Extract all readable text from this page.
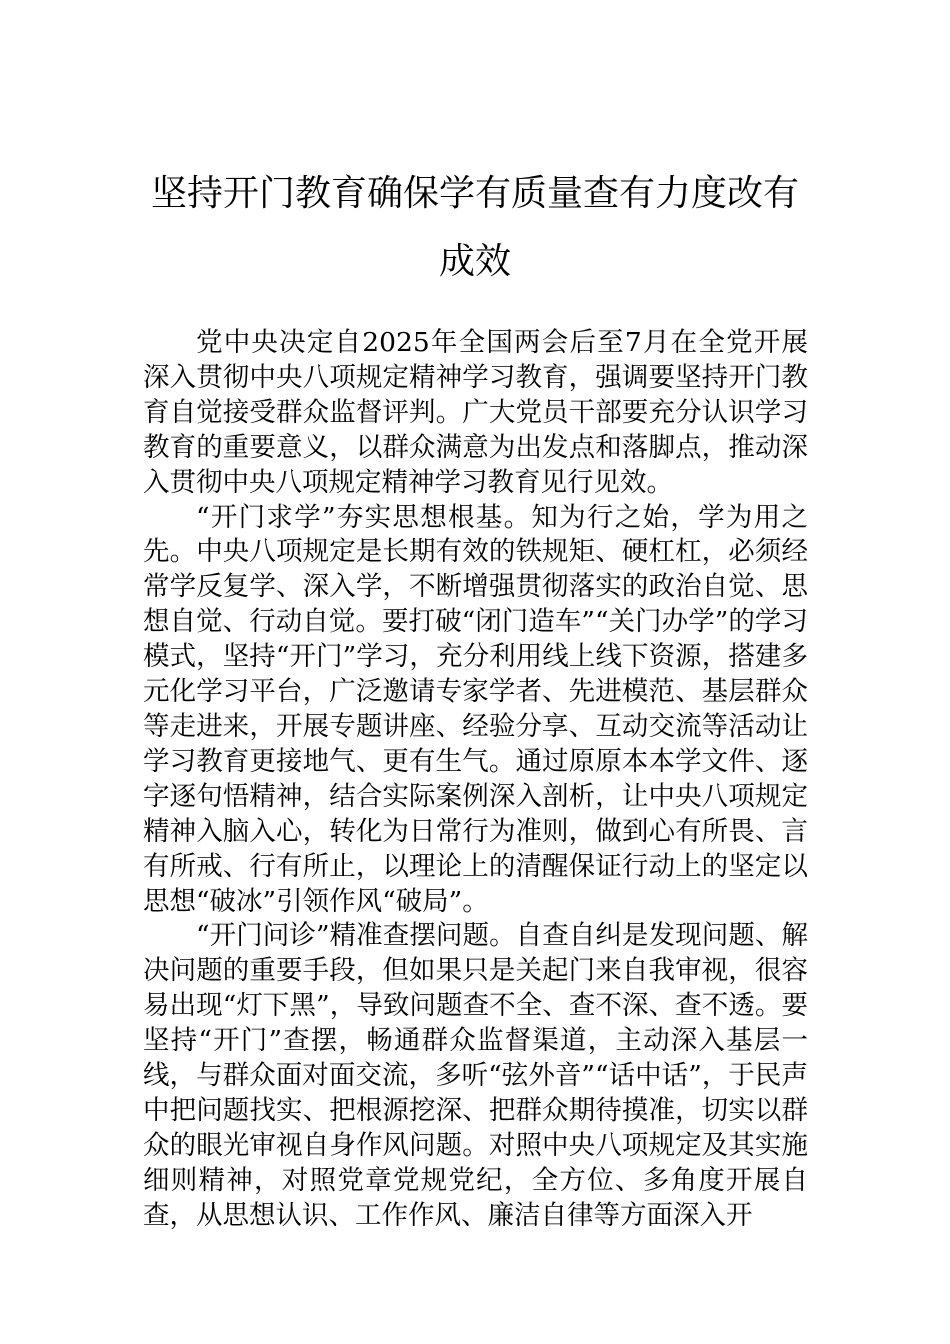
坚持开门教育确保学有质量查有力度改有成效

党中央决定自2025年全国两会后至7月在全党开展深入贯彻中央八项规定精神学习教育，强调要坚持开门教育自觉接受群众监督评判。广大党员干部要充分认识学习教育的重要意义，以群众满意为出发点和落脚点，推动深入贯彻中央八项规定精神学习教育见行见效。

“开门求学”夯实思想根基。知为行之始，学为用之先。中央八项规定是长期有效的铁规矩、硬杠杠，必须经常学反复学、深入学，不断增强贯彻落实的政治自觉、思想自觉、行动自觉。要打破“闭门造车”“关门办学”的学习模式，坚持“开门”学习，充分利用线上线下资源，搭建多元化学习平台，广泛邀请专家学者、先进模范、基层群众等走进来，开展专题讲座、经验分享、互动交流等活动让学习教育更接地气、更有生气。通过原原本本学文件、逐字逐句悟精神，结合实际案例深入剖析，让中央八项规定精神入脑入心，转化为日常行为准则，做到心有所畏、言有所戒、行有所止，以理论上的清醒保证行动上的坚定以思想“破冰”引领作风“破局”。

“开门问诊”精准查摆问题。自查自纠是发现问题、解决问题的重要手段，但如果只是关起门来自我审视，很容易出现“灯下黑”，导致问题查不全、查不深、查不透。要坚持“开门”查摆，畅通群众监督渠道，主动深入基层一线，与群众面对面交流，多听“弦外音”“话中话”，于民声中把问题找实、把根源挖深、把群众期待摸准，切实以群众的眼光审视自身作风问题。对照中央八项规定及其实施细则精神，对照党章党规党纪，全方位、多角度开展自查，从思想认识、工作作风、廉洁自律等方面深入开
